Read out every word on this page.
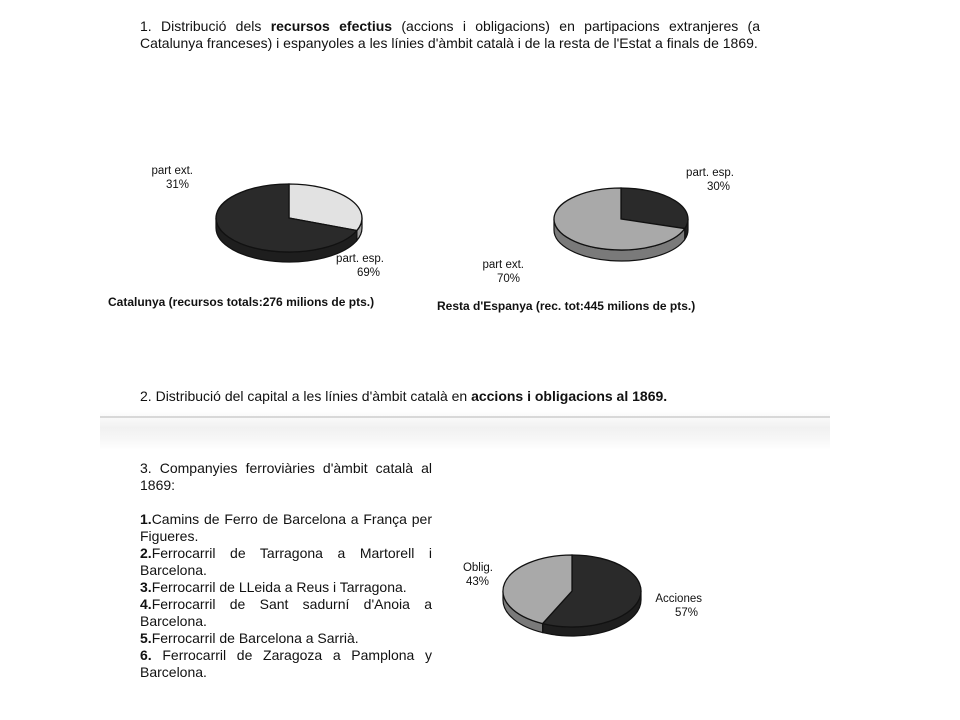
1. Distribució dels recursos efectius (accions i obligacions) en partipacions extranjeres (a Catalunya franceses) i espanyoles a les línies d'àmbit català i de la resta de l'Estat a finals de 1869.
Catalunya (recursos totals:276 milions de pts.)	Resta d'Espanya (rec. tot:445 milions de pts.)
2. Distribució del capital a les línies d'àmbit català en accions i obligacions al 1869.
3. Companyies ferroviàries d'àmbit català al 1869:
1.Camins de Ferro de Barcelona a França per Figueres.
2.Ferrocarril de Tarragona a Martorell i Barcelona.
3.Ferrocarril de LLeida a Reus i Tarragona.
4.Ferrocarril de Sant sadurní d'Anoia a Barcelona.
5.Ferrocarril de Barcelona a Sarrià.
6. Ferrocarril de Zaragoza a Pamplona y Barcelona.
part ext.
31%
part. esp.
69%
part. esp.
30%
part ext.
70%
Acciones
57%
Oblig.
43%
